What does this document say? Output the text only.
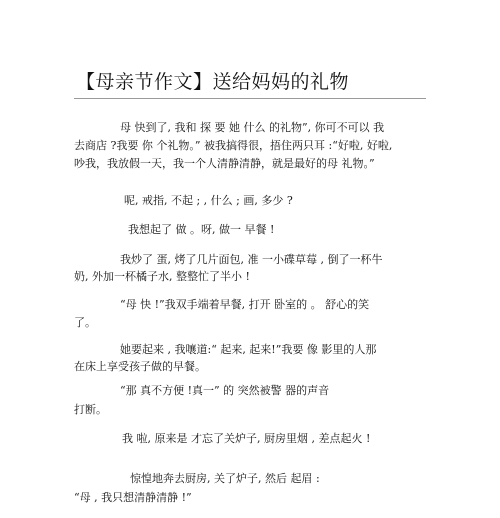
【母亲节作文】送给妈妈的礼物
母 快到了, 我和 探 要 她 什么 的礼物”, 你可不可以 我
去商店 ?我要 你 个礼物。” 被我搞得很，捂住两只耳 :“好啦, 好啦,
吵我，我放假一天，我一个人清静清静，就是最好的母 礼物。”
呢, 戒指, 不起 ; , 什么 ; 画, 多少 ?
我想起了 做 。呀, 做一 早餐 !
我炒了 蛋, 烤了几片面包, 准 一小碟草莓 , 倒了一杯牛
奶, 外加一杯橘子水, 整整忙了半小 !
“母 快 !”我双手端着早餐, 打开 卧室的 。 舒心的笑
了。
她要起来 , 我嚷道:“ 起来, 起来!”我要 像 影里的人那
在床上享受孩子做的早餐。
“那 真不方便 !真一” 的 突然被警 器的声音
打断。
我 啦, 原来是 才忘了关炉子, 厨房里烟 , 差点起火 !
惊惶地奔去厨房, 关了炉子, 然后 起眉 :
“母 , 我只想清静清静 !”
